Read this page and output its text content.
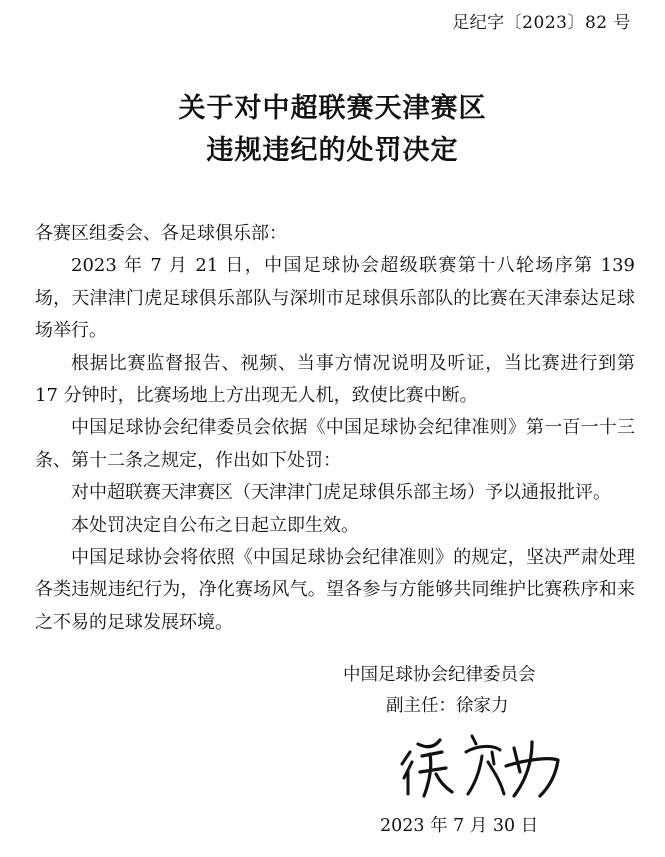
足纪字〔2023〕82 号
关于对中超联赛天津赛区
违规违纪的处罚决定

各赛区组委会、各足球俱乐部：

2023 年 7 月 21 日，中国足球协会超级联赛第十八轮场序第 139 场，天津津门虎足球俱乐部队与深圳市足球俱乐部队的比赛在天津泰达足球场举行。

根据比赛监督报告、视频、当事方情况说明及听证，当比赛进行到第 17 分钟时，比赛场地上方出现无人机，致使比赛中断。

中国足球协会纪律委员会依据《中国足球协会纪律准则》第一百一十三条、第十二条之规定，作出如下处罚：

对中超联赛天津赛区（天津津门虎足球俱乐部主场）予以通报批评。

本处罚决定自公布之日起立即生效。

中国足球协会将依照《中国足球协会纪律准则》的规定，坚决严肃处理各类违规违纪行为，净化赛场风气。望各参与方能够共同维护比赛秩序和来之不易的足球发展环境。

中国足球协会纪律委员会
副主任：徐家力
2023 年 7 月 30 日
